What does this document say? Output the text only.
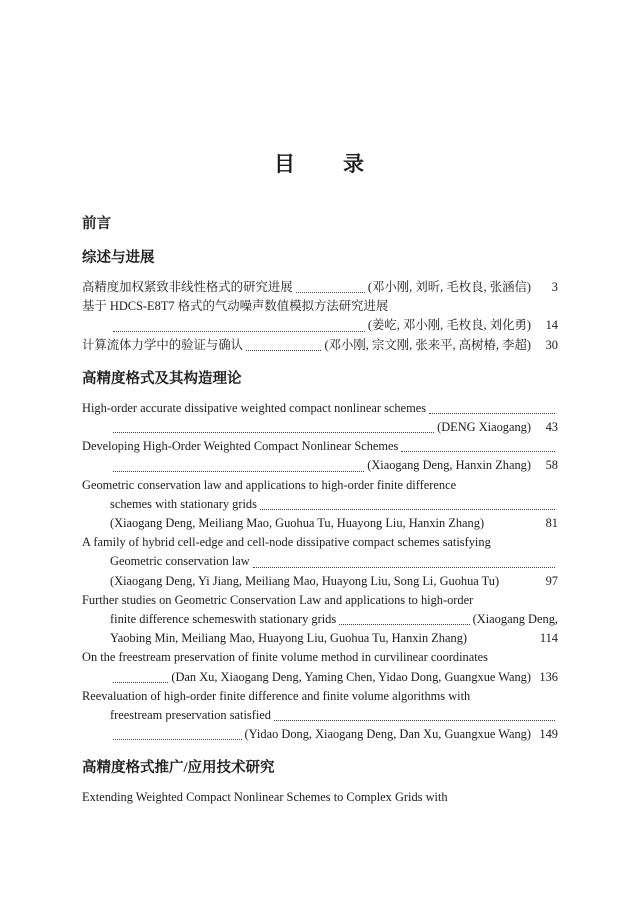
目　　录
前言
综述与进展
高精度加权紧致非线性格式的研究进展	(邓小刚, 刘昕, 毛枚良, 张涵信)	3
基于 HDCS-E8T7 格式的气动噪声数值模拟方法研究进展
(姜屹, 邓小刚, 毛枚良, 刘化勇)	14
计算流体力学中的验证与确认	(邓小刚, 宗文刚, 张来平, 高树椿, 李超)	30
高精度格式及其构造理论
High-order accurate dissipative weighted compact nonlinear schemes
(DENG Xiaogang)	43
Developing High-Order Weighted Compact Nonlinear Schemes
(Xiaogang Deng, Hanxin Zhang)	58
Geometric conservation law and applications to high-order finite difference
schemes with stationary grids
(Xiaogang Deng, Meiliang Mao, Guohua Tu, Huayong Liu, Hanxin Zhang)	81
A family of hybrid cell-edge and cell-node dissipative compact schemes satisfying
Geometric conservation law
(Xiaogang Deng, Yi Jiang, Meiliang Mao, Huayong Liu, Song Li, Guohua Tu)	97
Further studies on Geometric Conservation Law and applications to high-order
finite difference schemeswith stationary grids	(Xiaogang Deng,
Yaobing Min, Meiliang Mao, Huayong Liu, Guohua Tu, Hanxin Zhang)	114
On the freestream preservation of finite volume method in curvilinear coordinates
(Dan Xu, Xiaogang Deng, Yaming Chen, Yidao Dong, Guangxue Wang) 136
Reevaluation of high-order finite difference and finite volume algorithms with
freestream preservation satisfied
(Yidao Dong, Xiaogang Deng, Dan Xu, Guangxue Wang) 149
高精度格式推广/应用技术研究
Extending Weighted Compact Nonlinear Schemes to Complex Grids with
